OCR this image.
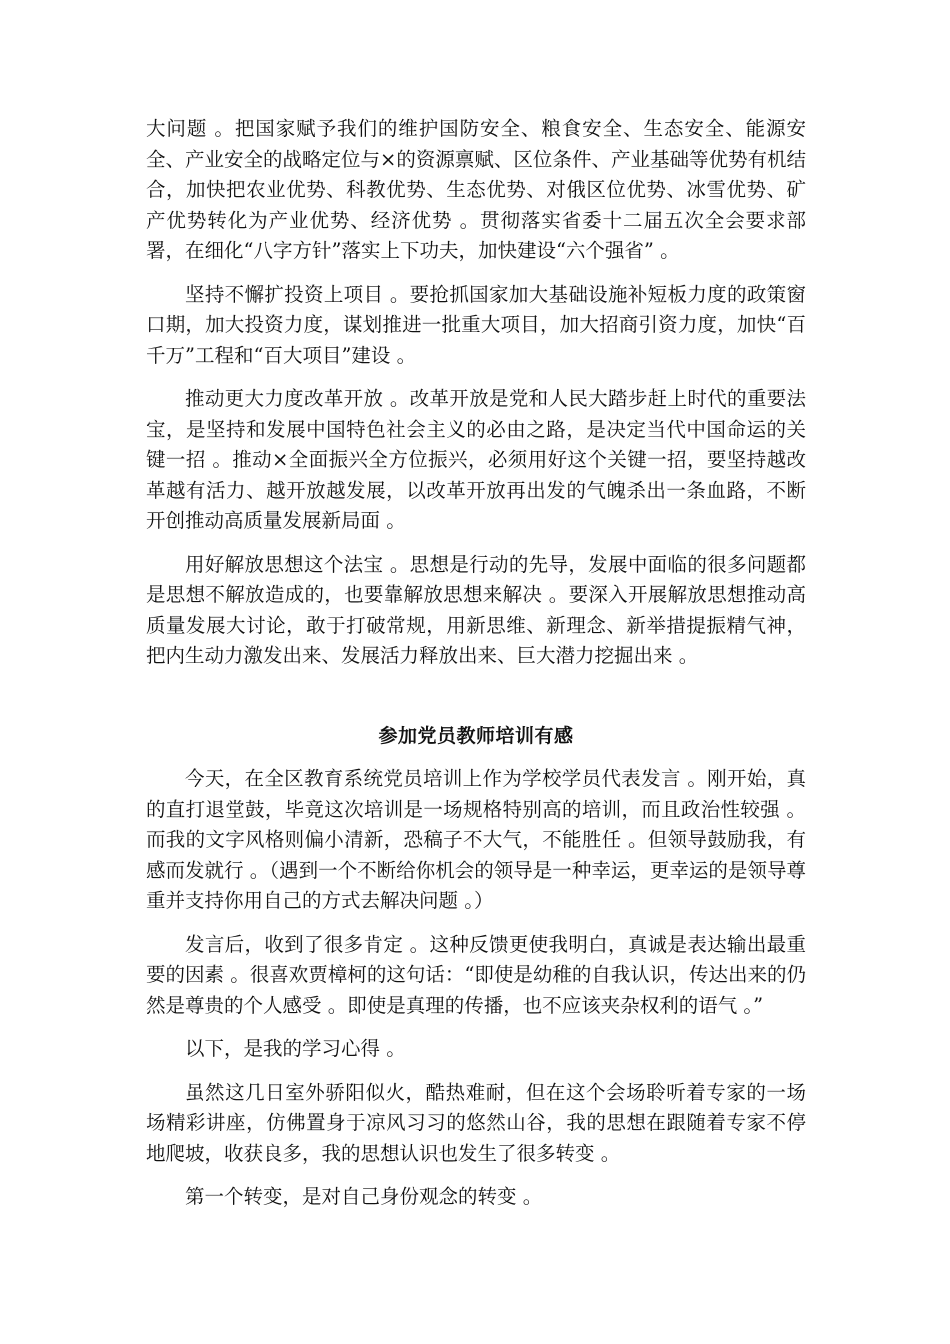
大问题 。把国家赋予我们的维护国防安全、粮食安全、生态安全、能源安全、产业安全的战略定位与×的资源禀赋、区位条件、产业基础等优势有机结合，加快把农业优势、科教优势、生态优势、对俄区位优势、冰雪优势、矿产优势转化为产业优势、经济优势 。贯彻落实省委十二届五次全会要求部署，在细化“八字方针”落实上下功夫，加快建设“六个强省” 。

坚持不懈扩投资上项目 。要抢抓国家加大基础设施补短板力度的政策窗口期，加大投资力度，谋划推进一批重大项目，加大招商引资力度，加快“百千万”工程和“百大项目”建设 。

推动更大力度改革开放 。改革开放是党和人民大踏步赶上时代的重要法宝，是坚持和发展中国特色社会主义的必由之路，是决定当代中国命运的关键一招 。推动×全面振兴全方位振兴，必须用好这个关键一招，要坚持越改革越有活力、越开放越发展，以改革开放再出发的气魄杀出一条血路，不断开创推动高质量发展新局面 。

用好解放思想这个法宝 。思想是行动的先导，发展中面临的很多问题都是思想不解放造成的，也要靠解放思想来解决 。要深入开展解放思想推动高质量发展大讨论，敢于打破常规，用新思维、新理念、新举措提振精气神，把内生动力激发出来、发展活力释放出来、巨大潜力挖掘出来 。

参加党员教师培训有感

今天，在全区教育系统党员培训上作为学校学员代表发言 。刚开始，真的直打退堂鼓，毕竟这次培训是一场规格特别高的培训，而且政治性较强 。而我的文字风格则偏小清新，恐稿子不大气，不能胜任 。但领导鼓励我，有感而发就行 。（遇到一个不断给你机会的领导是一种幸运，更幸运的是领导尊重并支持你用自己的方式去解决问题 。）

发言后，收到了很多肯定 。这种反馈更使我明白，真诚是表达输出最重要的因素 。很喜欢贾樟柯的这句话：“即使是幼稚的自我认识，传达出来的仍然是尊贵的个人感受 。即使是真理的传播，也不应该夹杂权利的语气 。”

以下，是我的学习心得 。

虽然这几日室外骄阳似火，酷热难耐，但在这个会场聆听着专家的一场场精彩讲座，仿佛置身于凉风习习的悠然山谷，我的思想在跟随着专家不停地爬坡，收获良多，我的思想认识也发生了很多转变 。

第一个转变，是对自己身份观念的转变 。
